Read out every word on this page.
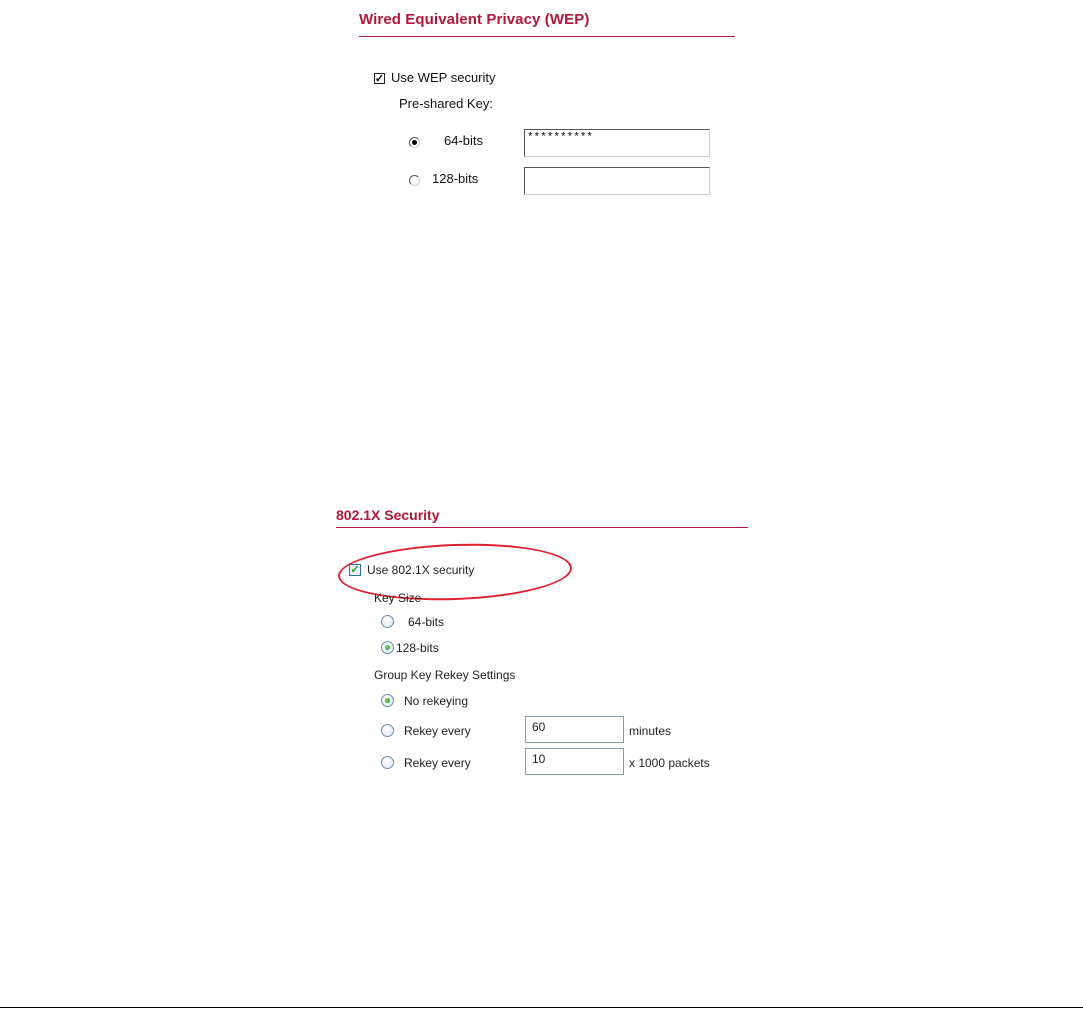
Wired Equivalent Privacy (WEP)
✓ Use WEP security
Pre-shared Key:
64-bits	**********
128-bits
802.1X Security
✓ Use 802.1X security
Key Size
64-bits
128-bits
Group Key Rekey Settings
No rekeying
Rekey every	60	minutes
Rekey every	10	x 1000 packets
